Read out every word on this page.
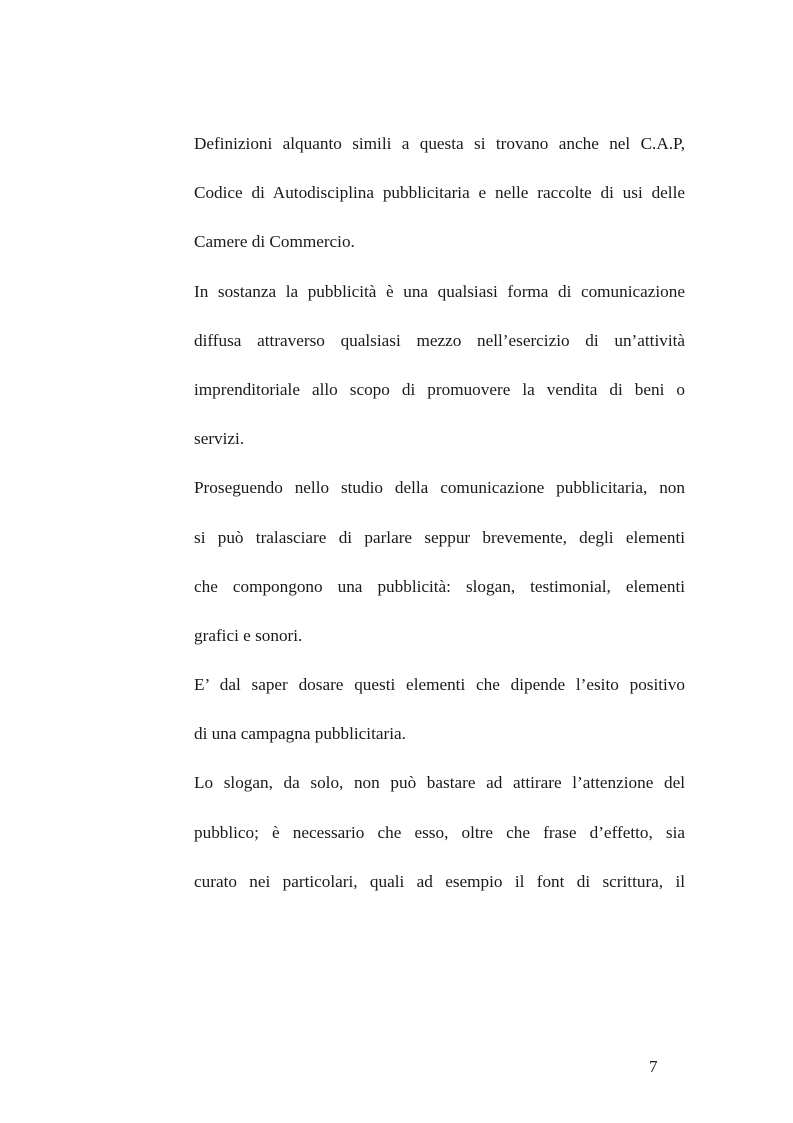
Definizioni alquanto simili a questa si trovano anche nel C.A.P,
Codice di Autodisciplina pubblicitaria e nelle raccolte di usi delle
Camere di Commercio.
In sostanza la pubblicità è una qualsiasi forma di comunicazione
diffusa attraverso qualsiasi mezzo nell’esercizio di un’attività
imprenditoriale allo scopo di promuovere la vendita di beni o
servizi.
Proseguendo nello studio della comunicazione pubblicitaria, non
si può tralasciare di parlare seppur brevemente, degli elementi
che compongono una pubblicità: slogan, testimonial, elementi
grafici e sonori.
E’ dal saper dosare questi elementi che dipende l’esito positivo
di una campagna pubblicitaria.
Lo slogan, da solo, non può bastare ad attirare l’attenzione del
pubblico; è necessario che esso, oltre che frase d’effetto, sia
curato nei particolari, quali ad esempio il font di scrittura, il
7
